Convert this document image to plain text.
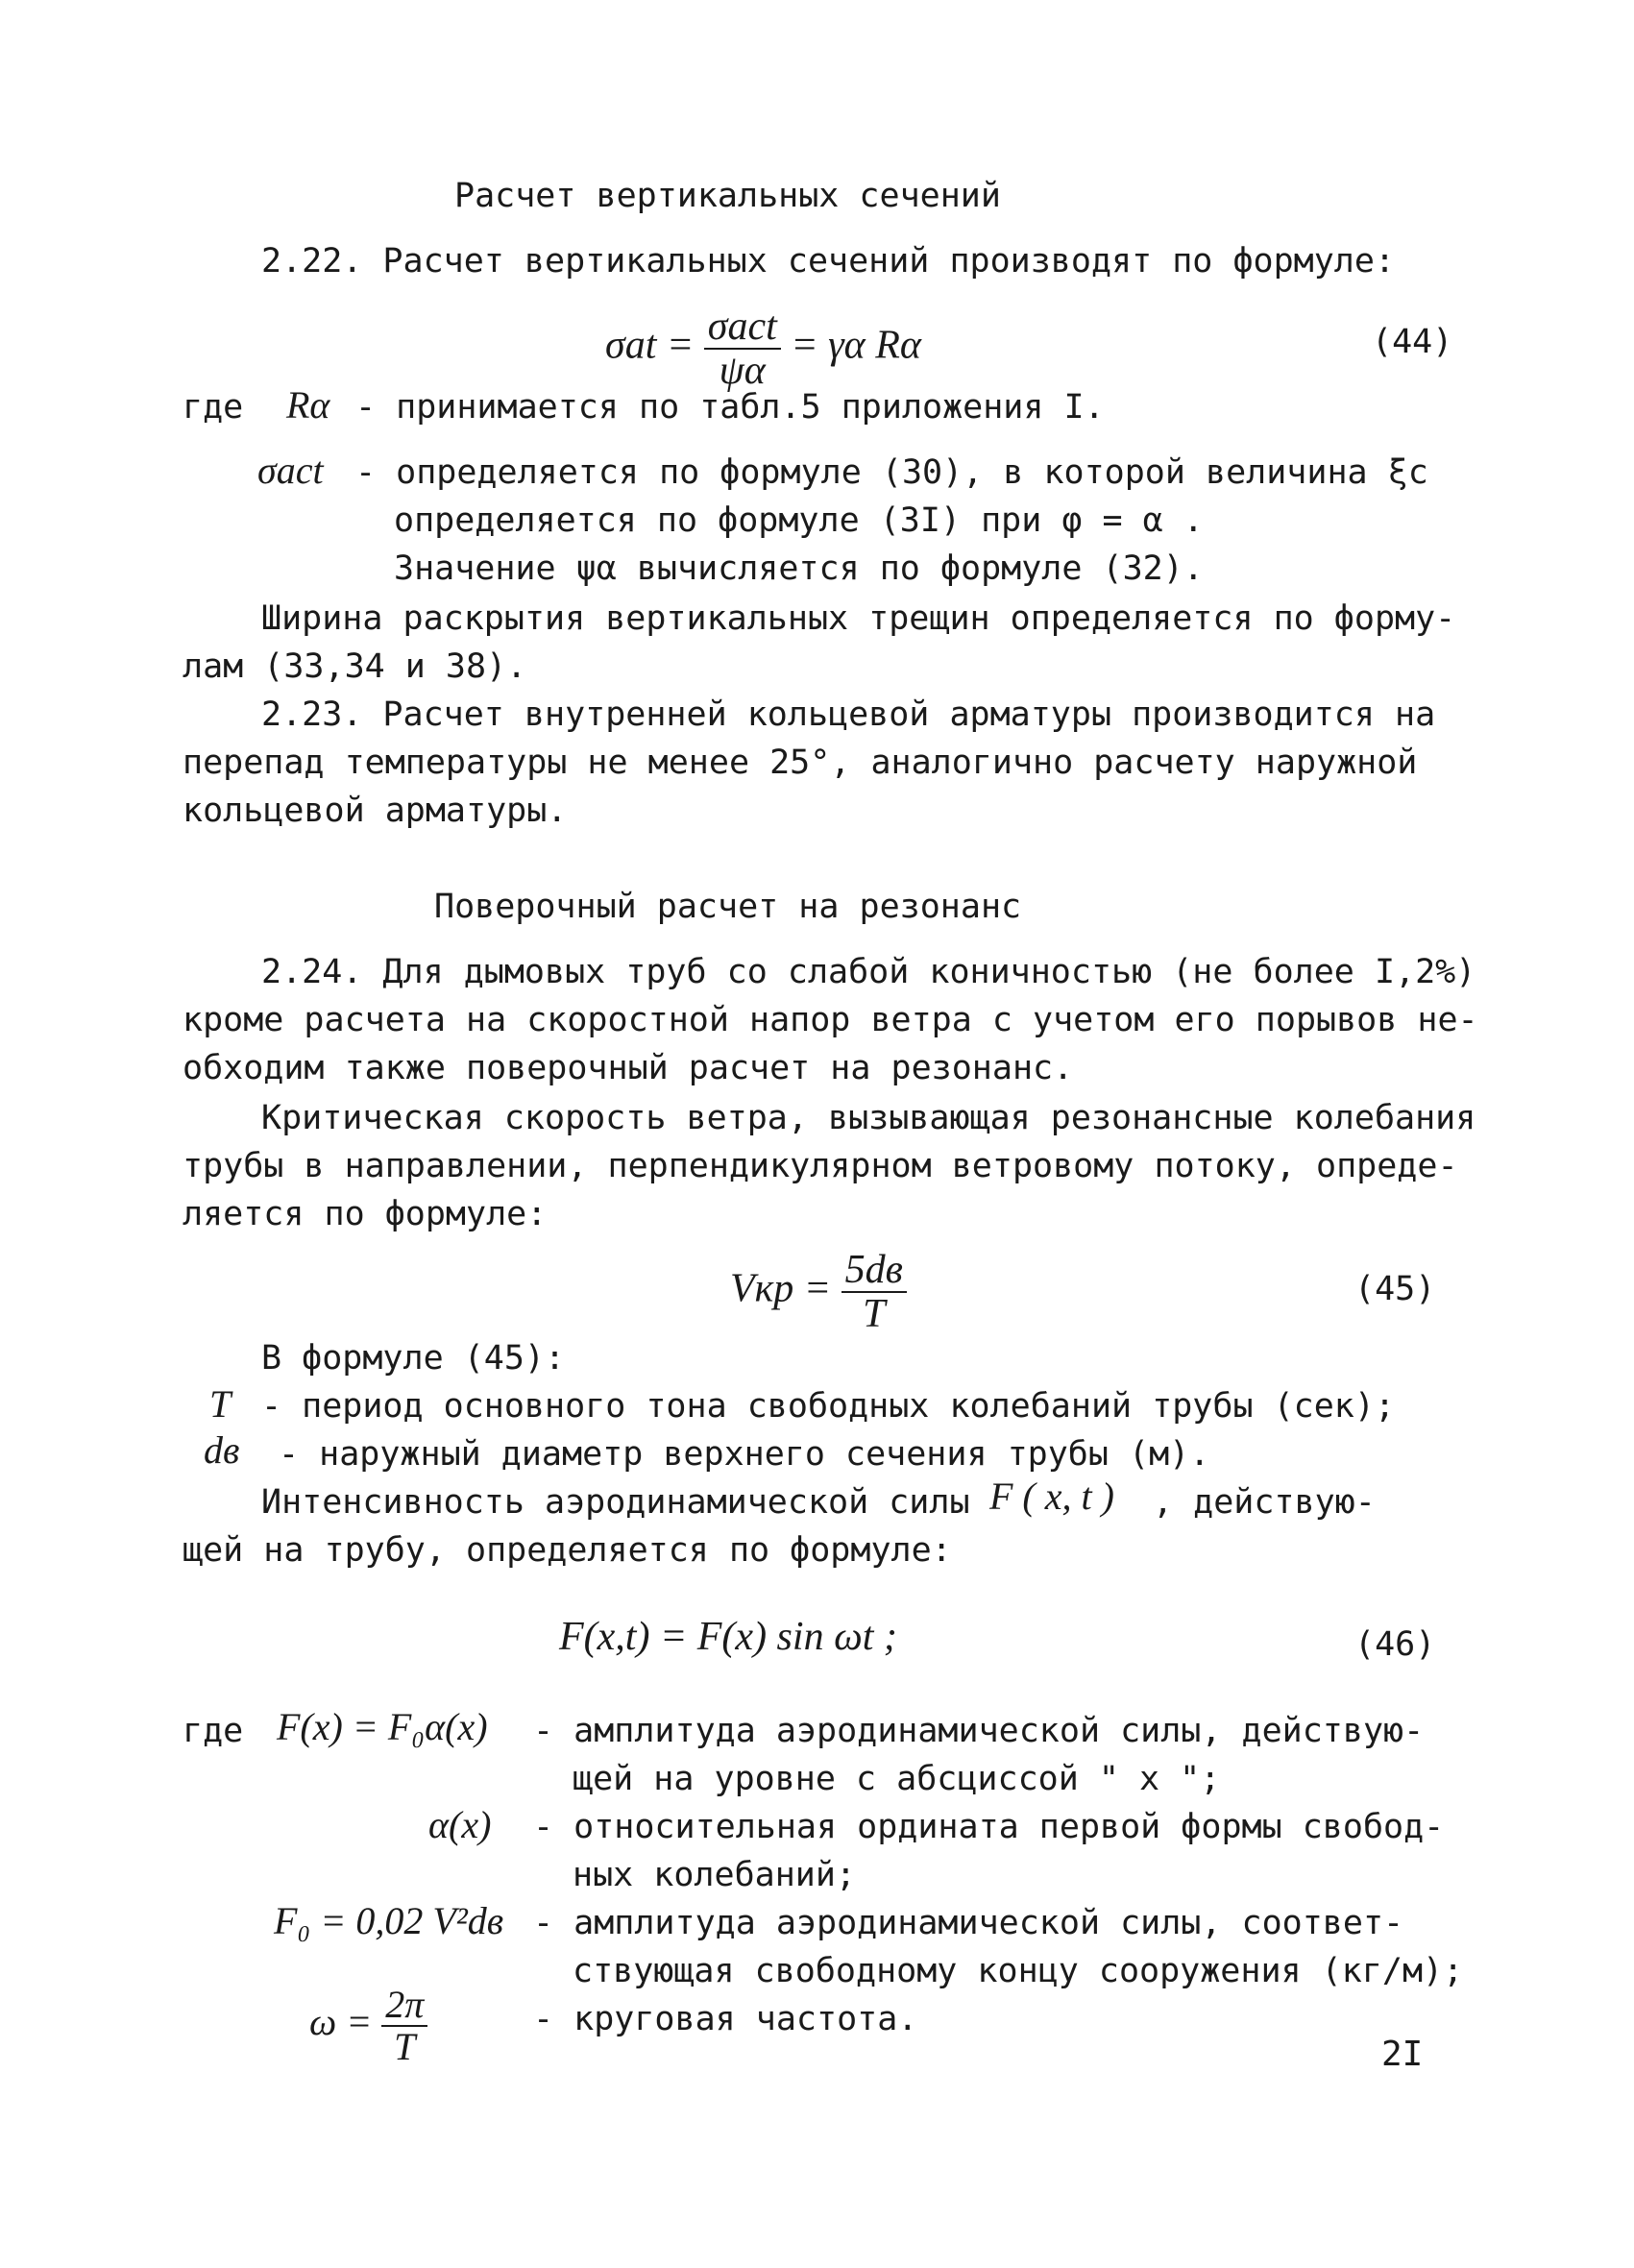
Расчет вертикальных сечений
2.22. Расчет вертикальных сечений производят по формуле:
$\sigma at = \frac{\text{σact}}{\psi\alpha} = \gamma\alpha$ Rα	(44)
где Rα - принимается по табл.5 приложения I.
σact - определяется по формуле (30), в которой величина ξc
определяется по формуле (3I) при φ = α .
Значение ψα вычисляется по формуле (32).
Ширина раскрытия вертикальных трещин определяется по форму-
лам (33,34 и 38).
2.23. Расчет внутренней кольцевой арматуры производится на
перепад температуры не менее 25°, аналогично расчету наружной
кольцевой арматуры.
Поверочный расчет на резонанс
2.24. Для дымовых труб со слабой коничностью (не более I,2%)
кроме расчета на скоростной напор ветра с учетом его порывов не-
обходим также поверочный расчет на резонанс.
Критическая скорость ветра, вызывающая резонансные колебания
трубы в направлении, перпендикулярном ветровому потоку, опреде-
ляется по формуле:
Vкр = $\frac{5dв}{T}$	(45)
В формуле (45):
T - период основного тона свободных колебаний трубы (сек);
dв - наружный диаметр верхнего сечения трубы (м).
Интенсивность аэродинамической силы F ( x, t ) , действую-
щей на трубу, определяется по формуле:
F(x,t) = F(x) sin ωt ;	(46)
где F(x) = F₀α(x) - амплитуда аэродинамической силы, действую-
щей на уровне с абсциссой " x ";
α(x) - относительная ордината первой формы свобод-
ных колебаний;
F₀ = 0,02 V²dв - амплитуда аэродинамической силы, соответ-
ствующая свободному концу сооружения (кг/м);
$\omega = \frac{2\pi}{T}$	- круговая частота.
2I
